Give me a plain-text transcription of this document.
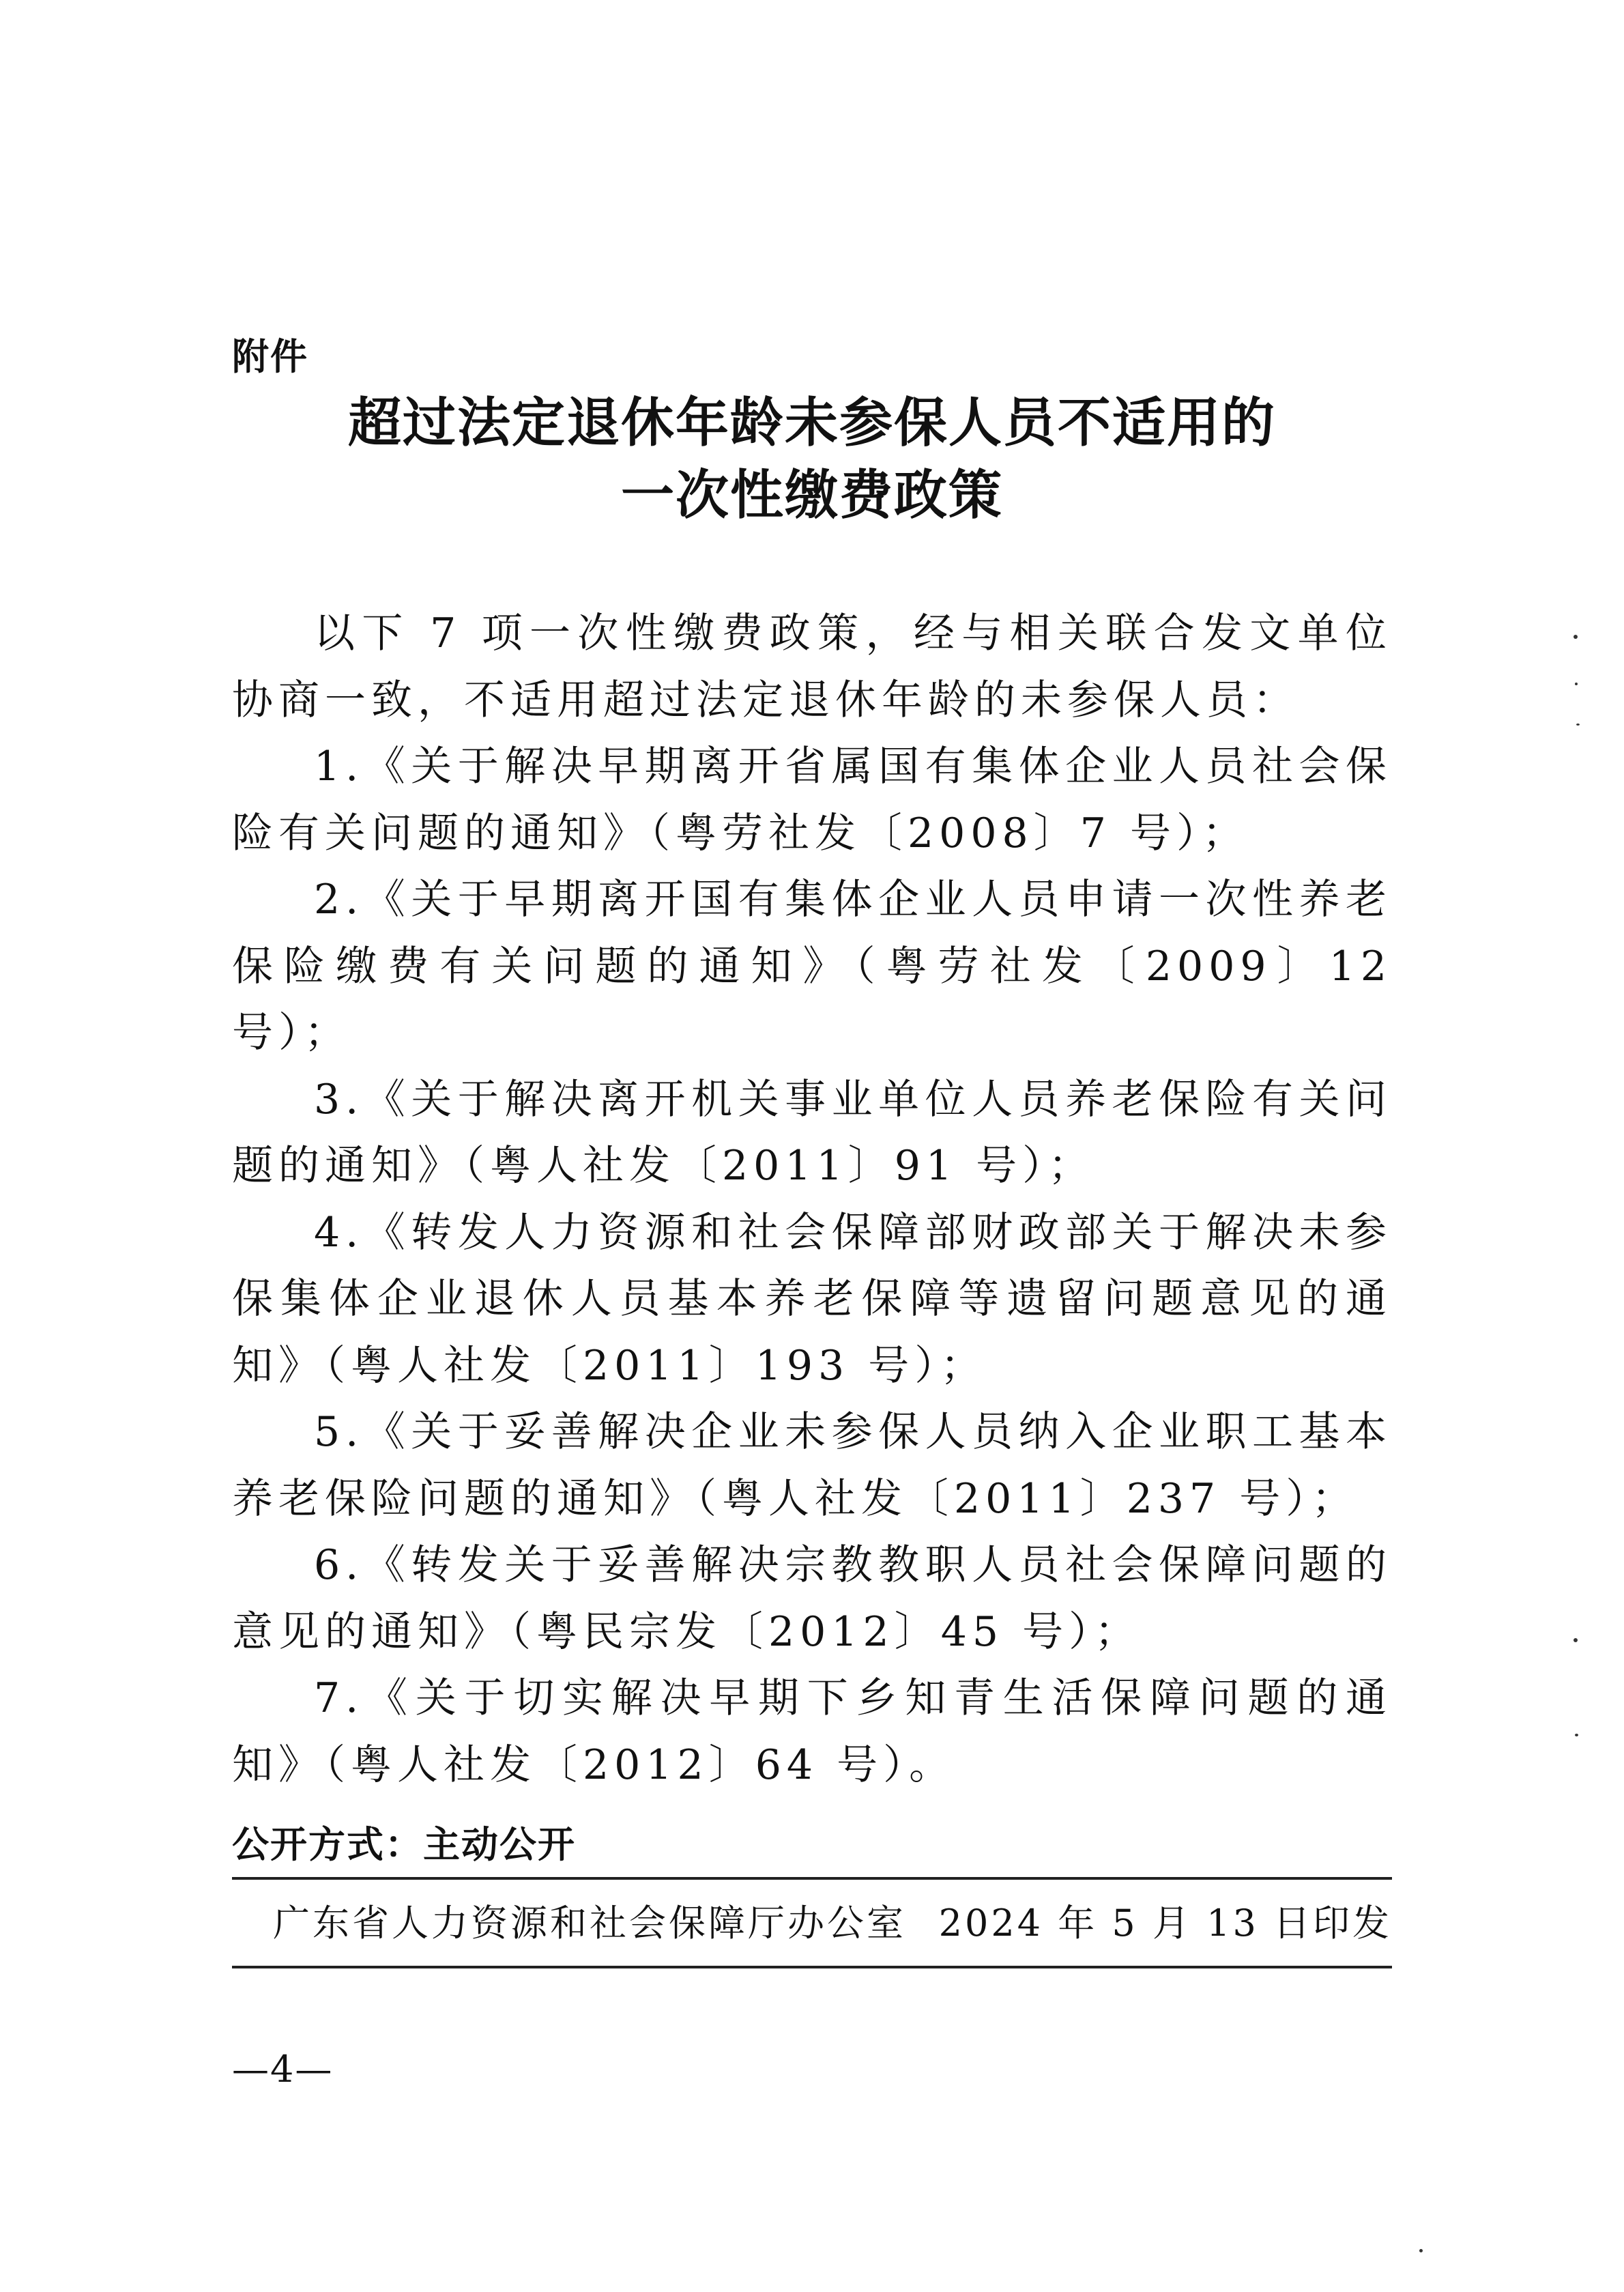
附件
超过法定退休年龄未参保人员不适用的
一次性缴费政策

以下 7 项一次性缴费政策，经与相关联合发文单位协商一致，不适用超过法定退休年龄的未参保人员：

1.《关于解决早期离开省属国有集体企业人员社会保险有关问题的通知》（粤劳社发〔2008〕7 号）；

2.《关于早期离开国有集体企业人员申请一次性养老保险缴费有关问题的通知》（粤劳社发〔2009〕12 号）；

3.《关于解决离开机关事业单位人员养老保险有关问题的通知》（粤人社发〔2011〕91 号）；

4.《转发人力资源和社会保障部财政部关于解决未参保集体企业退休人员基本养老保障等遗留问题意见的通知》（粤人社发〔2011〕193 号）；

5.《关于妥善解决企业未参保人员纳入企业职工基本养老保险问题的通知》（粤人社发〔2011〕237 号）；

6.《转发关于妥善解决宗教教职人员社会保障问题的意见的通知》（粤民宗发〔2012〕45 号）；

7.《关于切实解决早期下乡知青生活保障问题的通知》（粤人社发〔2012〕64 号）。

公开方式：主动公开
广东省人力资源和社会保障厅办公室 2024 年 5 月 13 日印发
—4—
